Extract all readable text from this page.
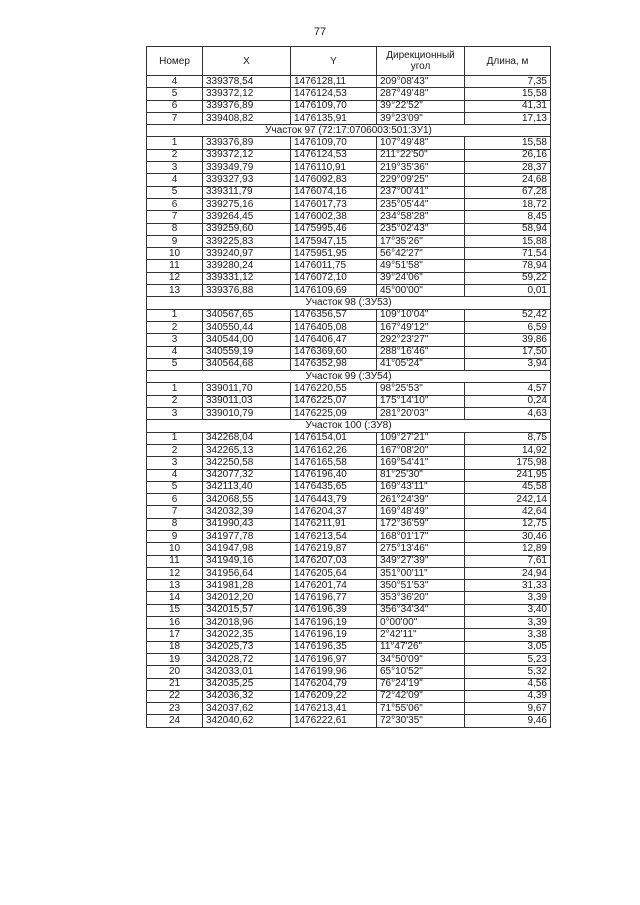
77
Номер	X	Y	Дирекционный угол	Длина, м
4	339378,54	1476128,11	209°08'43"	7,35
5	339372,12	1476124,53	287°49'48"	15,58
6	339376,89	1476109,70	39°22'52"	41,31
7	339408,82	1476135,91	39°23'09"	17,13
Участок 97 (72:17:0706003:501:ЗУ1)				
1	339376,89	1476109,70	107°49'48"	15,58
2	339372,12	1476124,53	211°22'50"	26,16
3	339349,79	1476110,91	219°35'36"	28,37
4	339327,93	1476092,83	229°09'25"	24,68
5	339311,79	1476074,16	237°00'41"	67,28
6	339275,16	1476017,73	235°05'44"	18,72
7	339264,45	1476002,38	234°58'28"	8,45
8	339259,60	1475995,46	235°02'43"	58,94
9	339225,83	1475947,15	17°35'26"	15,88
10	339240,97	1475951,95	56°42'27"	71,54
11	339280,24	1476011,75	49°51'58"	78,94
12	339331,12	1476072,10	39°24'06"	59,22
13	339376,88	1476109,69	45°00'00"	0,01
Участок 98 (:ЗУ53)				
1	340567,65	1476356,57	109°10'04"	52,42
2	340550,44	1476405,08	167°49'12"	6,59
3	340544,00	1476406,47	292°23'27"	39,86
4	340559,19	1476369,60	288°16'46"	17,50
5	340564,68	1476352,98	41°05'24"	3,94
Участок 99 (:ЗУ54)				
1	339011,70	1476220,55	98°25'53"	4,57
2	339011,03	1476225,07	175°14'10"	0,24
3	339010,79	1476225,09	281°20'03"	4,63
Участок 100 (:ЗУ8)				
1	342268,04	1476154,01	109°27'21"	8,75
2	342265,13	1476162,26	167°08'20"	14,92
3	342250,58	1476165,58	169°54'41"	175,98
4	342077,32	1476196,40	81°25'30"	241,95
5	342113,40	1476435,65	169°43'11"	45,58
6	342068,55	1476443,79	261°24'39"	242,14
7	342032,39	1476204,37	169°48'49"	42,64
8	341990,43	1476211,91	172°36'59"	12,75
9	341977,78	1476213,54	168°01'17"	30,46
10	341947,98	1476219,87	275°13'46"	12,89
11	341949,16	1476207,03	349°27'39"	7,61
12	341956,64	1476205,64	351°00'11"	24,94
13	341981,28	1476201,74	350°51'53"	31,33
14	342012,20	1476196,77	353°36'20"	3,39
15	342015,57	1476196,39	356°34'34"	3,40
16	342018,96	1476196,19	0°00'00"	3,39
17	342022,35	1476196,19	2°42'11"	3,38
18	342025,73	1476196,35	11°47'26"	3,05
19	342028,72	1476196,97	34°50'09"	5,23
20	342033,01	1476199,96	65°10'52"	5,32
21	342035,25	1476204,79	76°24'19"	4,56
22	342036,32	1476209,22	72°42'09"	4,39
23	342037,62	1476213,41	71°55'06"	9,67
24	342040,62	1476222,61	72°30'35"	9,46
